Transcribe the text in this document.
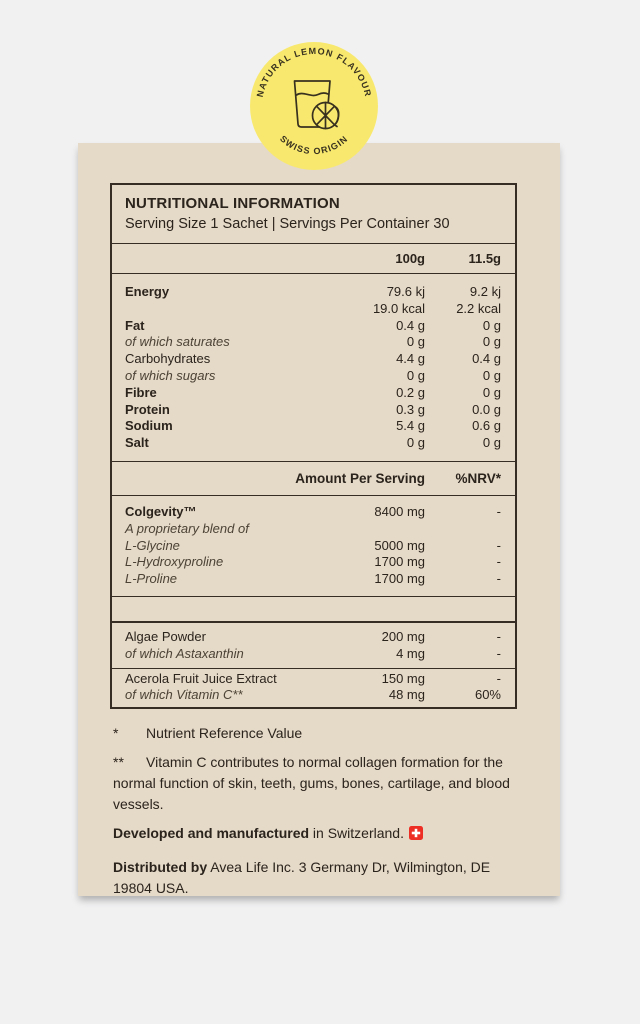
NUTRITIONAL INFORMATION
Serving Size 1 Sachet | Servings Per Container 30
100g	11.5g
Energy	79.6 kj	9.2 kj
19.0 kcal	2.2 kcal
Fat	0.4 g	0 g
of which saturates	0 g	0 g
Carbohydrates	4.4 g	0.4 g
of which sugars	0 g	0 g
Fibre	0.2 g	0 g
Protein	0.3 g	0.0 g
Sodium	5.4 g	0.6 g
Salt	0 g	0 g
Amount Per Serving	%NRV*
Colgevity™	8400 mg	-
A proprietary blend of
L-Glycine	5000 mg	-
L-Hydroxyproline	1700 mg	-
L-Proline	1700 mg	-
Algae Powder	200 mg	-
of which Astaxanthin	4 mg	-
Acerola Fruit Juice Extract	150 mg	-
of which Vitamin C**	48 mg	60%
* Nutrient Reference Value
** Vitamin C contributes to normal collagen formation for the normal function of skin, teeth, gums, bones, cartilage, and blood vessels.

Developed and manufactured in Switzerland.

Distributed by Avea Life Inc. 3 Germany Dr, Wilmington, DE 19804 USA.

NATURAL LEMON FLAVOUR
SWISS ORIGIN
